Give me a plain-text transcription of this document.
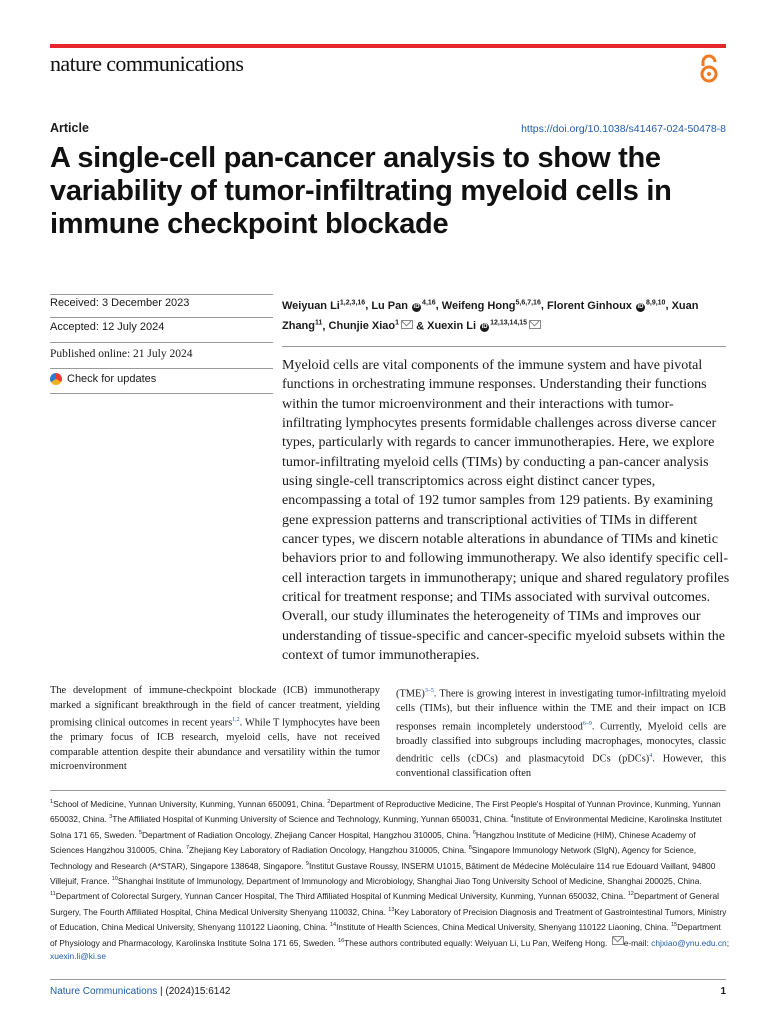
nature communications
Article	https://doi.org/10.1038/s41467-024-50478-8
A single-cell pan-cancer analysis to show the variability of tumor-infiltrating myeloid cells in immune checkpoint blockade
Received: 3 December 2023
Accepted: 12 July 2024
Published online: 21 July 2024
Check for updates
Weiyuan Li$^{1,2,3,16}$, Lu Pan iD$^{4,16}$, Weifeng Hong$^{5,6,7,16}$, Florent Ginhoux iD$^{8,9,10}$, Xuan Zhang$^{11}$, Chunjie Xiao$^1$ & Xuexin Li iD$^{12,13,14,15}$

Myeloid cells are vital components of the immune system and have pivotal functions in orchestrating immune responses. Understanding their functions within the tumor microenvironment and their interactions with tumor-infiltrating lymphocytes presents formidable challenges across diverse cancer types, particularly with regards to cancer immunotherapies. Here, we explore tumor-infiltrating myeloid cells (TIMs) by conducting a pan-cancer analysis using single-cell transcriptomics across eight distinct cancer types, encompassing a total of 192 tumor samples from 129 patients. By examining gene expression patterns and transcriptional activities of TIMs in different cancer types, we discern notable alterations in abundance of TIMs and kinetic behaviors prior to and following immunotherapy. We also identify specific cell-cell interaction targets in immunotherapy; unique and shared regulatory profiles critical for treatment response; and TIMs associated with survival outcomes. Overall, our study illuminates the heterogeneity of TIMs and improves our understanding of tissue-specific and cancer-specific myeloid subsets within the context of tumor immunotherapies.

The development of immune-checkpoint blockade (ICB) immunotherapy marked a significant breakthrough in the field of cancer treatment, yielding promising clinical outcomes in recent years$^{1,2}$. While T lymphocytes have been the primary focus of ICB research, myeloid cells, have not received comparable attention despite their abundance and versatility within the tumor microenvironment

(TME)$^{3-5}$. There is growing interest in investigating tumor-infiltrating myeloid cells (TIMs), but their influence within the TME and their impact on ICB responses remain incompletely understood$^{6-9}$. Currently, Myeloid cells are broadly classified into subgroups including macrophages, monocytes, classic dendritic cells (cDCs) and plasmacytoid DCs (pDCs)$^4$. However, this conventional classification often

$^1$School of Medicine, Yunnan University, Kunming, Yunnan 650091, China. $^2$Department of Reproductive Medicine, The First People's Hospital of Yunnan Province, Kunming, Yunnan 650032, China. $^3$The Affiliated Hospital of Kunming University of Science and Technology, Kunming, Yunnan 650031, China. $^4$Institute of Environmental Medicine, Karolinska Institutet Solna 171 65, Sweden. $^5$Department of Radiation Oncology, Zhejiang Cancer Hospital, Hangzhou 310005, China. $^6$Hangzhou Institute of Medicine (HIM), Chinese Academy of Sciences Hangzhou 310005, China. $^7$Zhejiang Key Laboratory of Radiation Oncology, Hangzhou 310005, China. $^8$Singapore Immunology Network (SIgN), Agency for Science, Technology and Research (A*STAR), Singapore 138648, Singapore. $^9$Institut Gustave Roussy, INSERM U1015, Bâtiment de Médecine Moléculaire 114 rue Edouard Vaillant, 94800 Villejuif, France. $^{10}$Shanghai Institute of Immunology, Department of Immunology and Microbiology, Shanghai Jiao Tong University School of Medicine, Shanghai 200025, China. $^{11}$Department of Colorectal Surgery, Yunnan Cancer Hospital, The Third Affiliated Hospital of Kunming Medical University, Kunming, Yunnan 650032, China. $^{12}$Department of General Surgery, The Fourth Affiliated Hospital, China Medical University Shenyang 110032, China. $^{13}$Key Laboratory of Precision Diagnosis and Treatment of Gastrointestinal Tumors, Ministry of Education, China Medical University, Shenyang 110122 Liaoning, China. $^{14}$Institute of Health Sciences, China Medical University, Shenyang 110122 Liaoning, China. $^{15}$Department of Physiology and Pharmacology, Karolinska Institute Solna 171 65, Sweden. $^{16}$These authors contributed equally: Weiyuan Li, Lu Pan, Weifeng Hong. e-mail: chjxiao@ynu.edu.cn; xuexin.li@ki.se

Nature Communications | (2024)15:6142	1
